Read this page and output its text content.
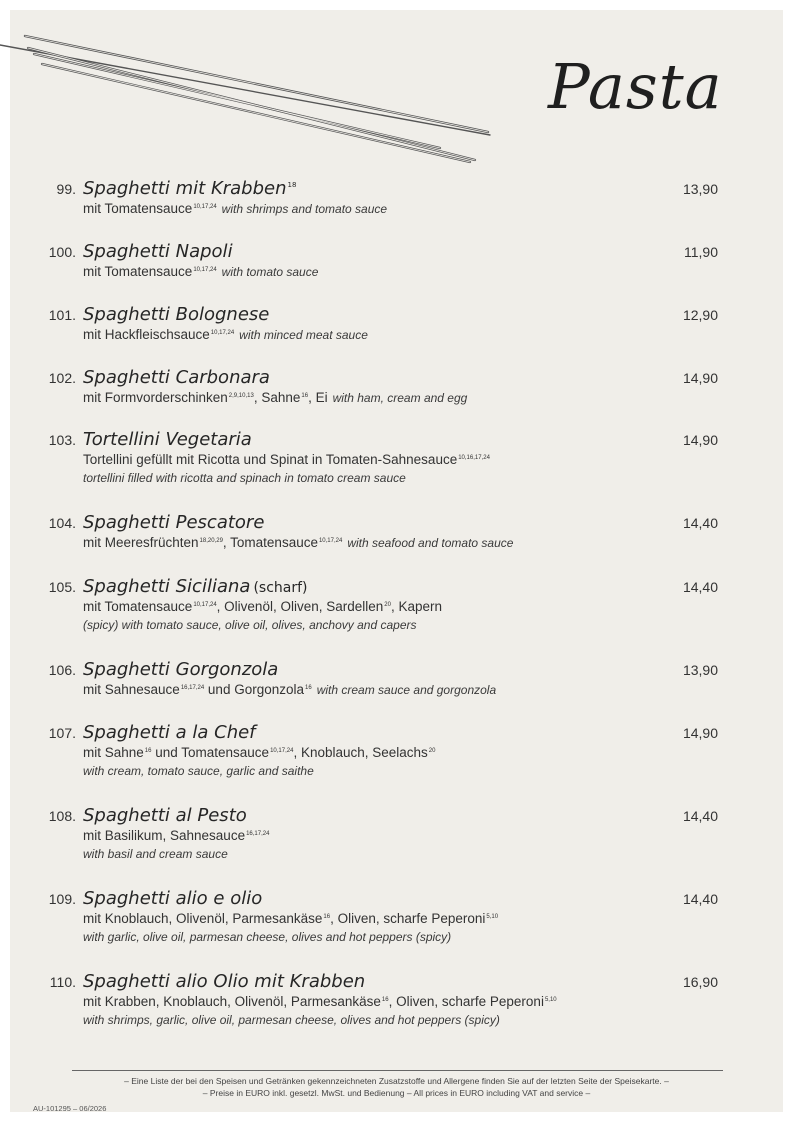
Pasta
99. Spaghetti mit Krabben$^{18}$	13,90
mit Tomatensauce$^{10,17,24}$ with shrimps and tomato sauce
100. Spaghetti Napoli	11,90
mit Tomatensauce$^{10,17,24}$ with tomato sauce
101. Spaghetti Bolognese	12,90
mit Hackfleischsauce$^{10,17,24}$ with minced meat sauce
102. Spaghetti Carbonara	14,90
mit Formvorderschinken$^{2,9,10,13}$, Sahne$^{16}$, Ei with ham, cream and egg
103. Tortellini Vegetaria	14,90
Tortellini gefüllt mit Ricotta und Spinat in Tomaten-Sahnesauce$^{10,16,17,24}$
tortellini filled with ricotta and spinach in tomato cream sauce
104. Spaghetti Pescatore	14,40
mit Meeresfrüchten$^{18,20,29}$, Tomatensauce$^{10,17,24}$ with seafood and tomato sauce
105. Spaghetti Siciliana (scharf)	14,40
mit Tomatensauce$^{10,17,24}$, Olivenöl, Oliven, Sardellen$^{20}$, Kapern
(spicy) with tomato sauce, olive oil, olives, anchovy and capers
106. Spaghetti Gorgonzola	13,90
mit Sahnesauce$^{16,17,24}$ und Gorgonzola$^{16}$ with cream sauce and gorgonzola
107. Spaghetti a la Chef	14,90
mit Sahne$^{16}$ und Tomatensauce$^{10,17,24}$, Knoblauch, Seelachs$^{20}$
with cream, tomato sauce, garlic and saithe
108. Spaghetti al Pesto	14,40
mit Basilikum, Sahnesauce$^{16,17,24}$
with basil and cream sauce
109. Spaghetti alio e olio	14,40
mit Knoblauch, Olivenöl, Parmesankäse$^{16}$, Oliven, scharfe Peperoni$^{5,10}$
with garlic, olive oil, parmesan cheese, olives and hot peppers (spicy)
110. Spaghetti alio Olio mit Krabben	16,90
mit Krabben, Knoblauch, Olivenöl, Parmesankäse$^{16}$, Oliven, scharfe Peperoni$^{5,10}$
with shrimps, garlic, olive oil, parmesan cheese, olives and hot peppers (spicy)
– Eine Liste der bei den Speisen und Getränken gekennzeichneten Zusatzstoffe und Allergene finden Sie auf der letzten Seite der Speisekarte. –
– Preise in EURO inkl. gesetzl. MwSt. und Bedienung – All prices in EURO including VAT and service –
AU-101295 – 06/2026
